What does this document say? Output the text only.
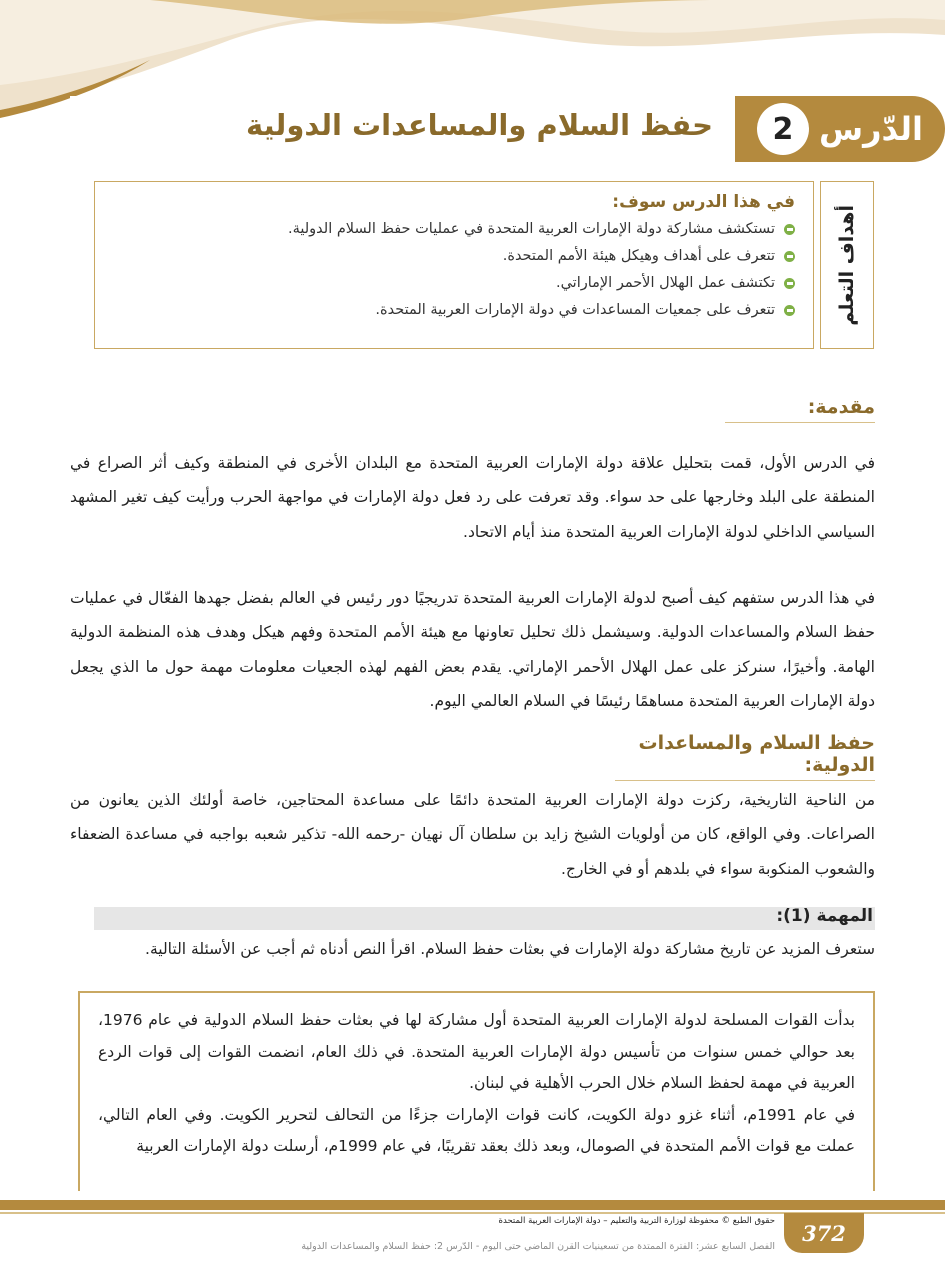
الدّرس
2
حفظ السلام والمساعدات الدولية
أهداف التعلم

في هذا الدرس سوف:

تستكشف مشاركة دولة الإمارات العربية المتحدة في عمليات حفظ السلام الدولية.
تتعرف على أهداف وهيكل هيئة الأمم المتحدة.
تكتشف عمل الهلال الأحمر الإماراتي.
تتعرف على جمعيات المساعدات في دولة الإمارات العربية المتحدة.
مقدمة:

في الدرس الأول، قمت بتحليل علاقة دولة الإمارات العربية المتحدة مع البلدان الأخرى في المنطقة وكيف أثر الصراع في المنطقة على البلد وخارجها على حد سواء. وقد تعرفت على رد فعل دولة الإمارات في مواجهة الحرب ورأيت كيف تغير المشهد السياسي الداخلي لدولة الإمارات العربية المتحدة منذ أيام الاتحاد.

في هذا الدرس ستفهم كيف أصبح لدولة الإمارات العربية المتحدة تدريجيًا دور رئيس في العالم بفضل جهدها الفعّال في عمليات حفظ السلام والمساعدات الدولية. وسيشمل ذلك تحليل تعاونها مع هيئة الأمم المتحدة وفهم هيكل وهدف هذه المنظمة الدولية الهامة. وأخيرًا، سنركز على عمل الهلال الأحمر الإماراتي. يقدم بعض الفهم لهذه الجعيات معلومات مهمة حول ما الذي يجعل دولة الإمارات العربية المتحدة مساهمًا رئيسًا في السلام العالمي اليوم.

حفظ السلام والمساعدات الدولية:

من الناحية التاريخية، ركزت دولة الإمارات العربية المتحدة دائمًا على مساعدة المحتاجين، خاصة أولئك الذين يعانون من الصراعات. وفي الواقع، كان من أولويات الشيخ زايد بن سلطان آل نهيان -رحمه الله- تذكير شعبه بواجبه في مساعدة الضعفاء والشعوب المنكوبة سواء في بلدهم أو في الخارج.

المهمة (1):
ستعرف المزيد عن تاريخ مشاركة دولة الإمارات في بعثات حفظ السلام. اقرأ النص أدناه ثم أجب عن الأسئلة التالية.

بدأت القوات المسلحة لدولة الإمارات العربية المتحدة أول مشاركة لها في بعثات حفظ السلام الدولية في عام 1976، بعد حوالي خمس سنوات من تأسيس دولة الإمارات العربية المتحدة. في ذلك العام، انضمت القوات إلى قوات الردع العربية في مهمة لحفظ السلام خلال الحرب الأهلية في لبنان.

في عام 1991م، أثناء غزو دولة الكويت، كانت قوات الإمارات جزءًا من التحالف لتحرير الكويت. وفي العام التالي، عملت مع قوات الأمم المتحدة في الصومال، وبعد ذلك بعقد تقريبًا، في عام 1999م، أرسلت دولة الإمارات العربية

372
حقوق الطبع © محفوظة لوزارة التربية والتعليم – دولة الإمارات العربية المتحدة
الفصل السابع عشر: الفترة الممتدة من تسعينيات القرن الماضي حتى اليوم - الدّرس 2: حفظ السلام والمساعدات الدولية
